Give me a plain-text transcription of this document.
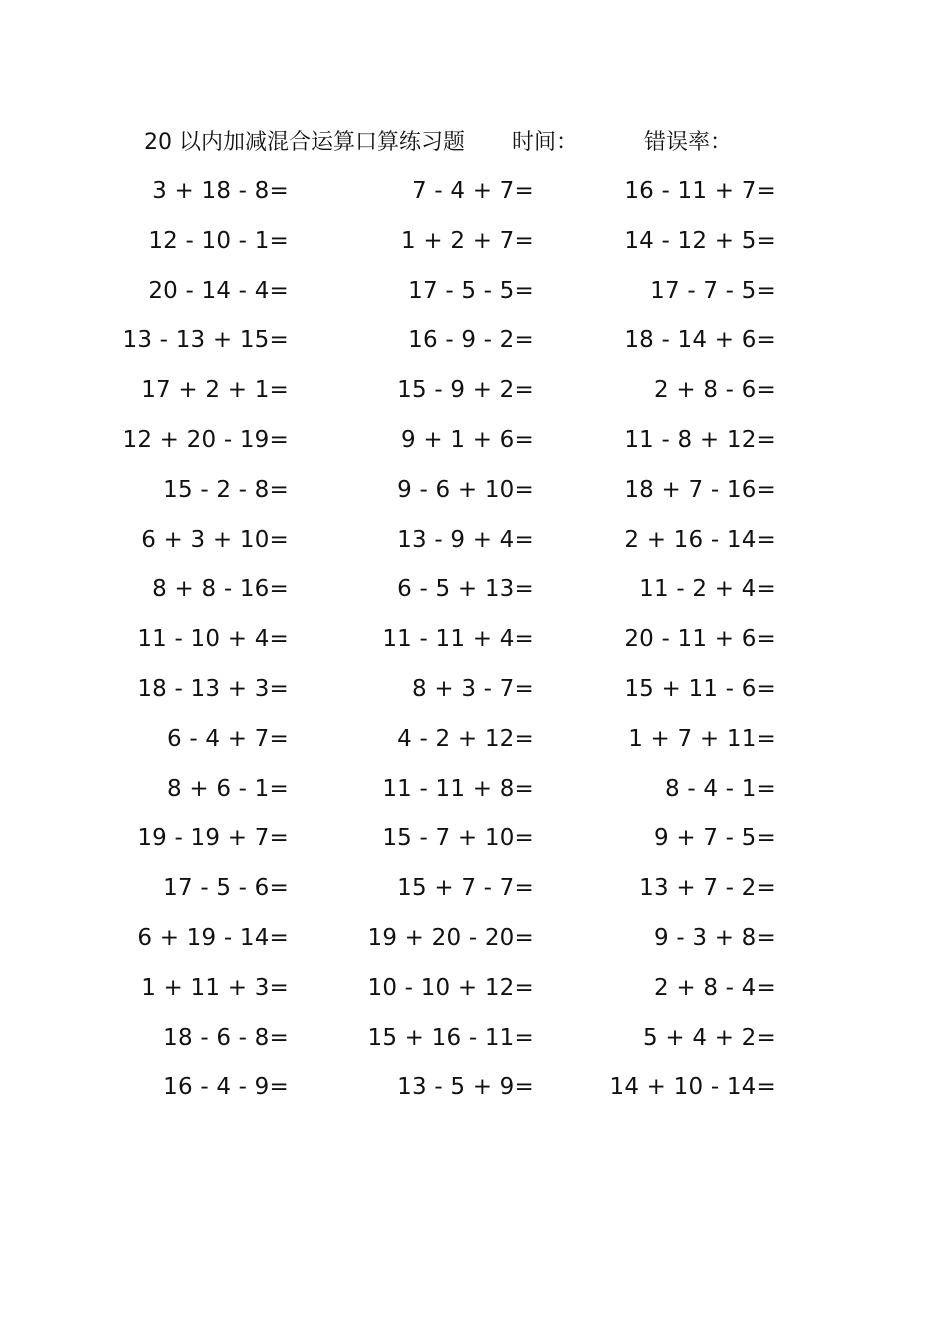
20 以内加减混合运算口算练习题 时间：	错误率：
3 + 18 - 8=	7 - 4 + 7=	16 - 11 + 7=
12 - 10 - 1=	1 + 2 + 7=	14 - 12 + 5=
20 - 14 - 4=	17 - 5 - 5=	17 - 7 - 5=
13 - 13 + 15=	16 - 9 - 2=	18 - 14 + 6=
17 + 2 + 1=	15 - 9 + 2=	2 + 8 - 6=
12 + 20 - 19=	9 + 1 + 6=	11 - 8 + 12=
15 - 2 - 8=	9 - 6 + 10=	18 + 7 - 16=
6 + 3 + 10=	13 - 9 + 4=	2 + 16 - 14=
8 + 8 - 16=	6 - 5 + 13=	11 - 2 + 4=
11 - 10 + 4=	11 - 11 + 4=	20 - 11 + 6=
18 - 13 + 3=	8 + 3 - 7=	15 + 11 - 6=
6 - 4 + 7=	4 - 2 + 12=	1 + 7 + 11=
8 + 6 - 1=	11 - 11 + 8=	8 - 4 - 1=
19 - 19 + 7=	15 - 7 + 10=	9 + 7 - 5=
17 - 5 - 6=	15 + 7 - 7=	13 + 7 - 2=
6 + 19 - 14=	19 + 20 - 20=	9 - 3 + 8=
1 + 11 + 3=	10 - 10 + 12=	2 + 8 - 4=
18 - 6 - 8=	15 + 16 - 11=	5 + 4 + 2=
16 - 4 - 9=	13 - 5 + 9=	14 + 10 - 14=
